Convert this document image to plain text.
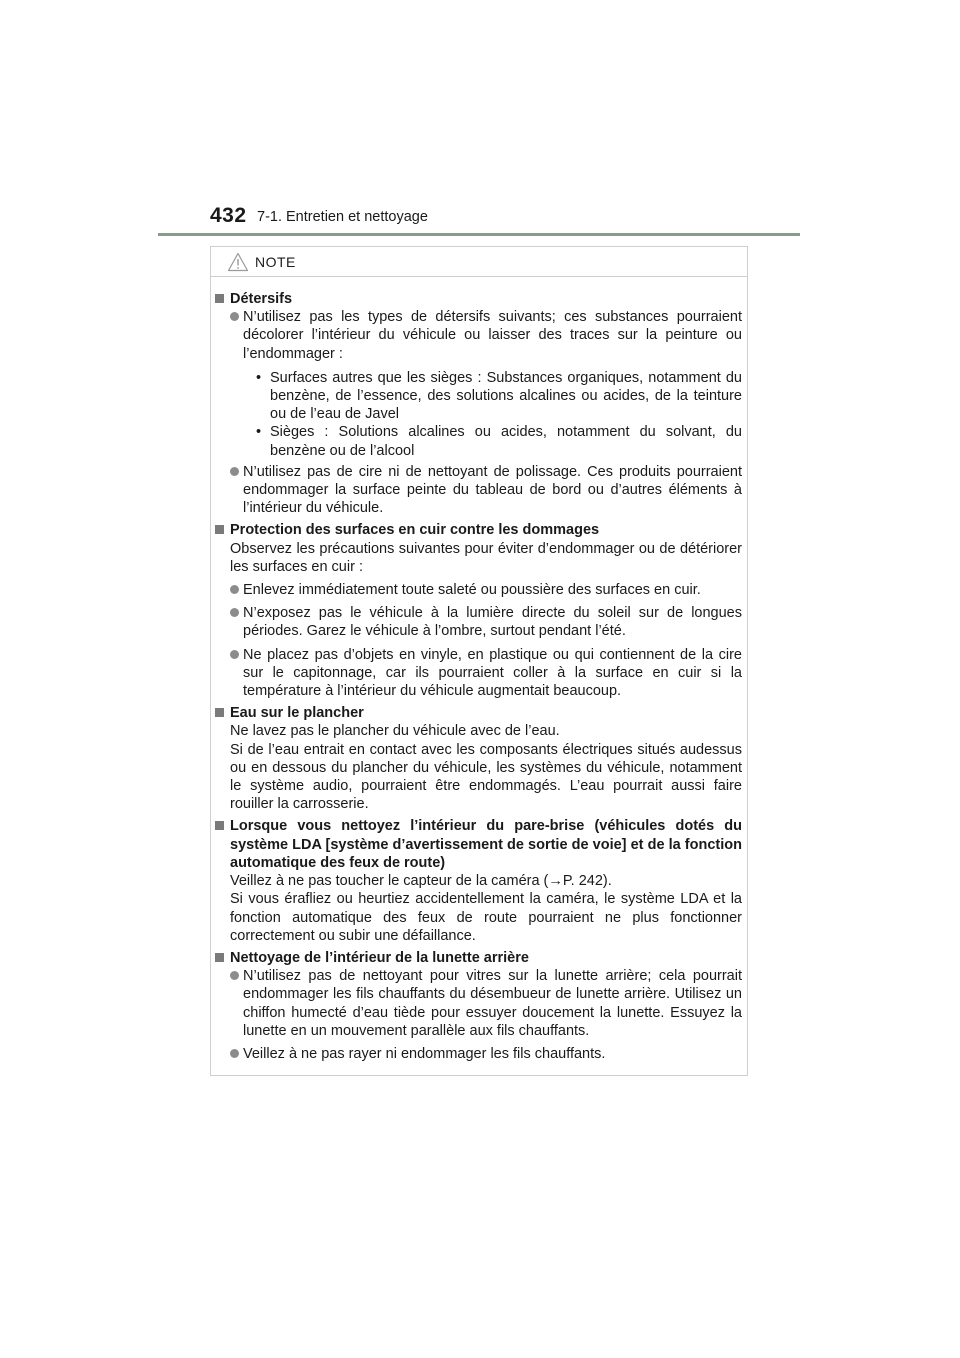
432 7-1. Entretien et nettoyage
NOTE
Détersifs
N’utilisez pas les types de détersifs suivants; ces substances pourraient décolorer l’intérieur du véhicule ou laisser des traces sur la peinture ou l’endommager :
• Surfaces autres que les sièges : Substances organiques, notamment du benzène, de l’essence, des solutions alcalines ou acides, de la teinture ou de l’eau de Javel
• Sièges : Solutions alcalines ou acides, notamment du solvant, du benzène ou de l’alcool
N’utilisez pas de cire ni de nettoyant de polissage. Ces produits pourraient endommager la surface peinte du tableau de bord ou d’autres éléments à l’intérieur du véhicule.
Protection des surfaces en cuir contre les dommages
Observez les précautions suivantes pour éviter d’endommager ou de détériorer les surfaces en cuir :
Enlevez immédiatement toute saleté ou poussière des surfaces en cuir.
N’exposez pas le véhicule à la lumière directe du soleil sur de longues périodes. Garez le véhicule à l’ombre, surtout pendant l’été.
Ne placez pas d’objets en vinyle, en plastique ou qui contiennent de la cire sur le capitonnage, car ils pourraient coller à la surface en cuir si la température à l’intérieur du véhicule augmentait beaucoup.
Eau sur le plancher
Ne lavez pas le plancher du véhicule avec de l’eau.
Si de l’eau entrait en contact avec les composants électriques situés audessus ou en dessous du plancher du véhicule, les systèmes du véhicule, notamment le système audio, pourraient être endommagés. L’eau pourrait aussi faire rouiller la carrosserie.
Lorsque vous nettoyez l’intérieur du pare-brise (véhicules dotés du système LDA [système d’avertissement de sortie de voie] et de la fonction automatique des feux de route)
Veillez à ne pas toucher le capteur de la caméra (→P. 242).
Si vous érafliez ou heurtiez accidentellement la caméra, le système LDA et la fonction automatique des feux de route pourraient ne plus fonctionner correctement ou subir une défaillance.
Nettoyage de l’intérieur de la lunette arrière
N’utilisez pas de nettoyant pour vitres sur la lunette arrière; cela pourrait endommager les fils chauffants du désembueur de lunette arrière. Utilisez un chiffon humecté d’eau tiède pour essuyer doucement la lunette. Essuyez la lunette en un mouvement parallèle aux fils chauffants.
Veillez à ne pas rayer ni endommager les fils chauffants.
